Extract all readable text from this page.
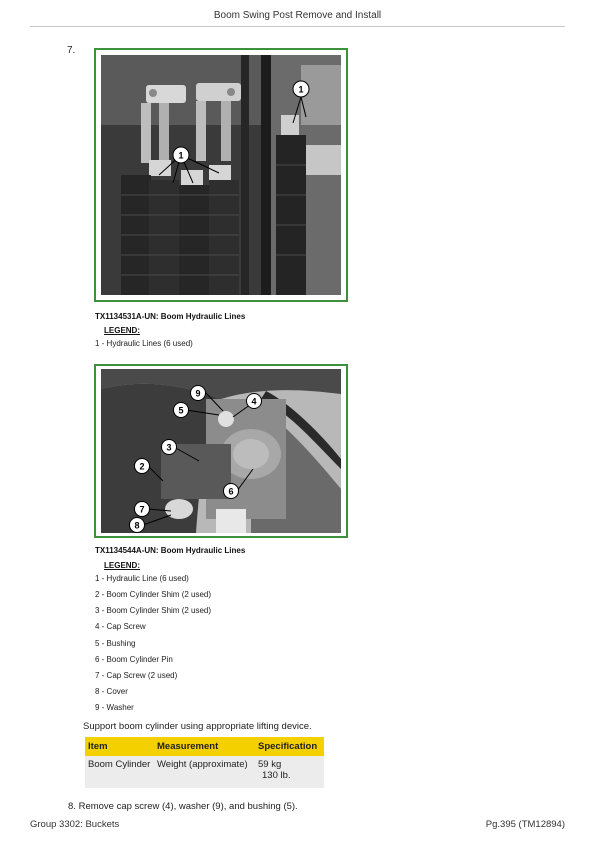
Boom Swing Post Remove and Install
7.
1
1
TX1134531A-UN: Boom Hydraulic Lines
LEGEND:
1 - Hydraulic Lines (6 used)
9
5
4
3
2
6
7
8
TX1134544A-UN: Boom Hydraulic Lines
LEGEND:
1 - Hydraulic Line (6 used)
2 - Boom Cylinder Shim (2 used)
3 - Boom Cylinder Shim (2 used)
4 - Cap Screw
5 - Bushing
6 - Boom Cylinder Pin
7 - Cap Screw (2 used)
8 - Cover
9 - Washer
Support boom cylinder using appropriate lifting device.
Item	Measurement	Specification
Boom Cylinder	Weight (approximate)	59 kg
130 lb.
8. Remove cap screw (4), washer (9), and bushing (5).
Group 3302: Buckets	Pg.395 (TM12894)
